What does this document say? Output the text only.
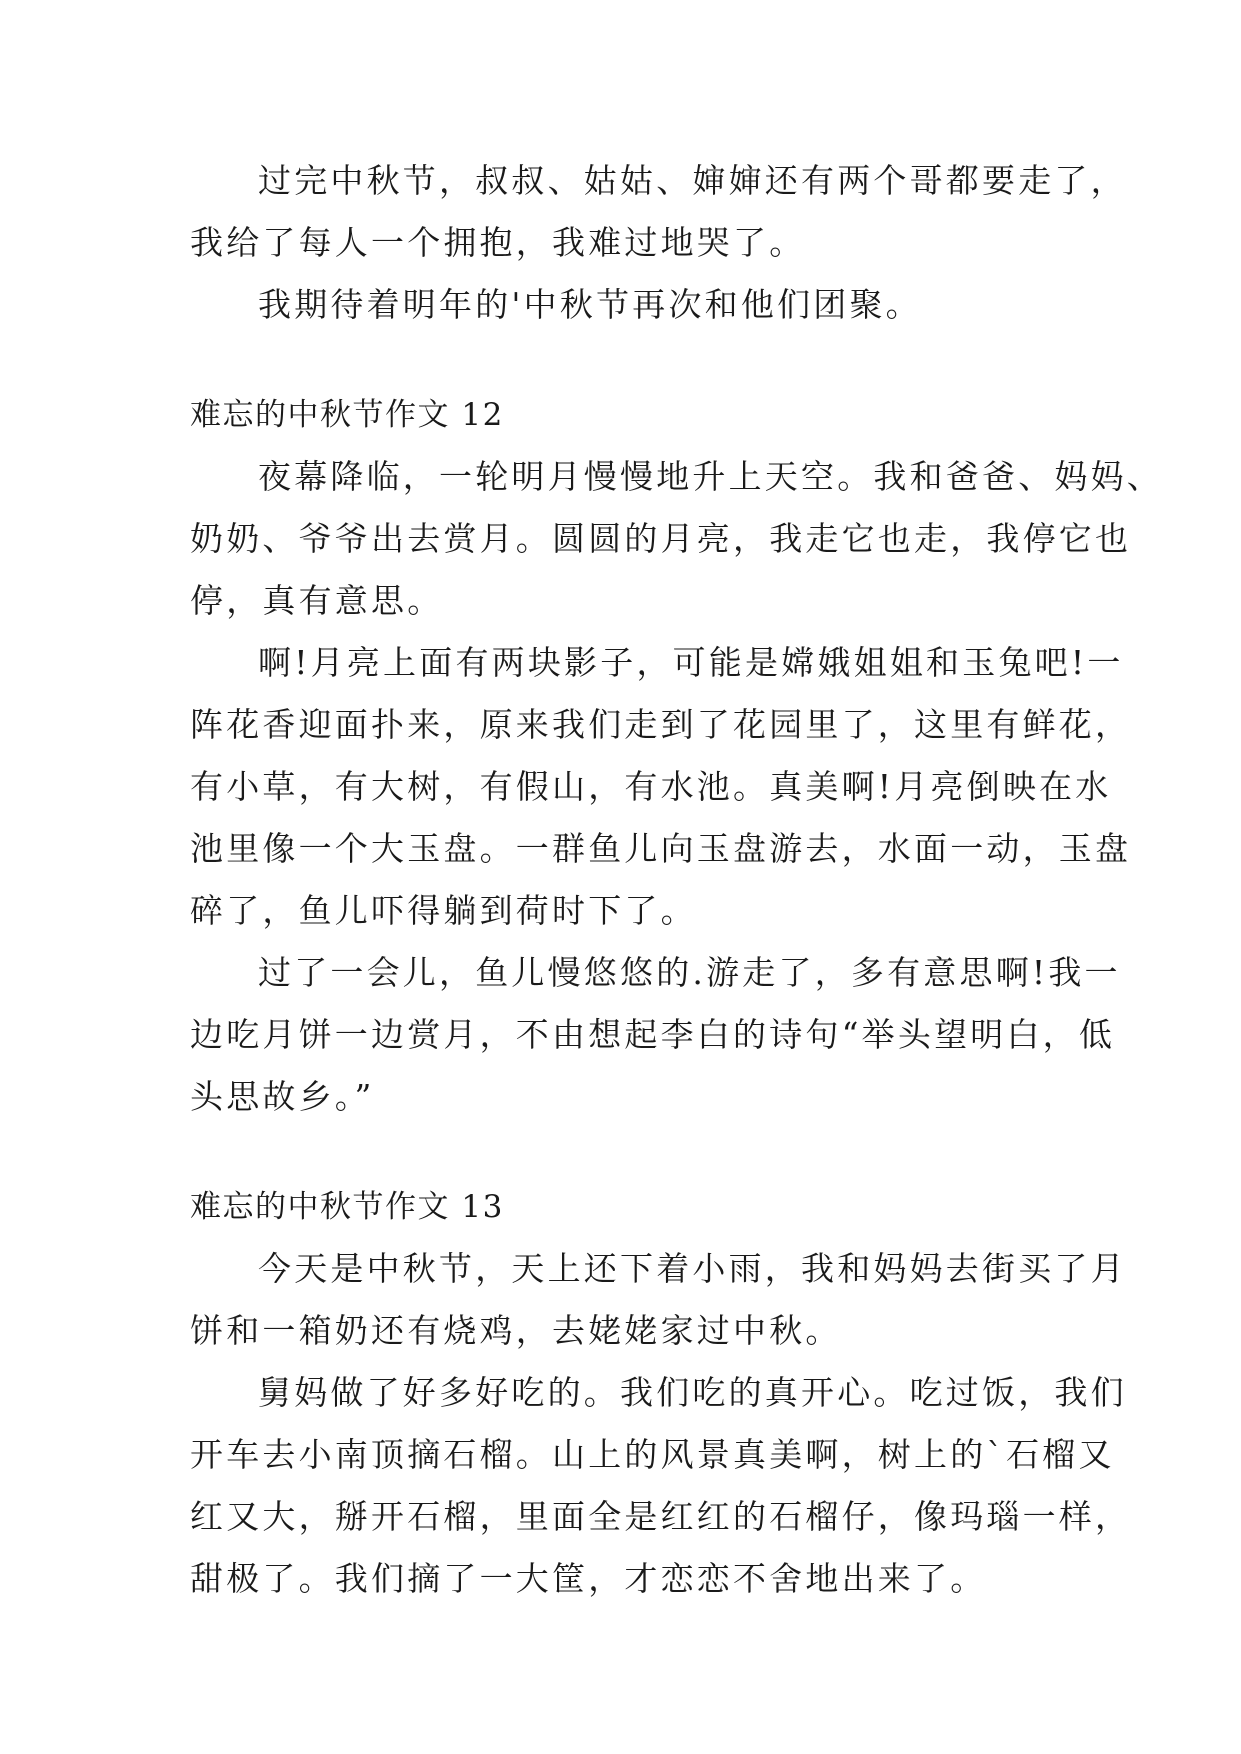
过完中秋节，叔叔、姑姑、婶婶还有两个哥都要走了，
我给了每人一个拥抱，我难过地哭了。
我期待着明年的'中秋节再次和他们团聚。
难忘的中秋节作文 12
夜幕降临，一轮明月慢慢地升上天空。我和爸爸、妈妈、
奶奶、爷爷出去赏月。圆圆的月亮，我走它也走，我停它也
停，真有意思。
啊!月亮上面有两块影子，可能是嫦娥姐姐和玉兔吧!一
阵花香迎面扑来，原来我们走到了花园里了，这里有鲜花，
有小草，有大树，有假山，有水池。真美啊!月亮倒映在水
池里像一个大玉盘。一群鱼儿向玉盘游去，水面一动，玉盘
碎了，鱼儿吓得躺到荷时下了。
过了一会儿，鱼儿慢悠悠的.游走了，多有意思啊!我一
边吃月饼一边赏月，不由想起李白的诗句“举头望明白，低
头思故乡。”
难忘的中秋节作文 13
今天是中秋节，天上还下着小雨，我和妈妈去街买了月
饼和一箱奶还有烧鸡，去姥姥家过中秋。
舅妈做了好多好吃的。我们吃的真开心。吃过饭，我们
开车去小南顶摘石榴。山上的风景真美啊，树上的`石榴又
红又大，掰开石榴，里面全是红红的石榴仔，像玛瑙一样，
甜极了。我们摘了一大筐，才恋恋不舍地出来了。
